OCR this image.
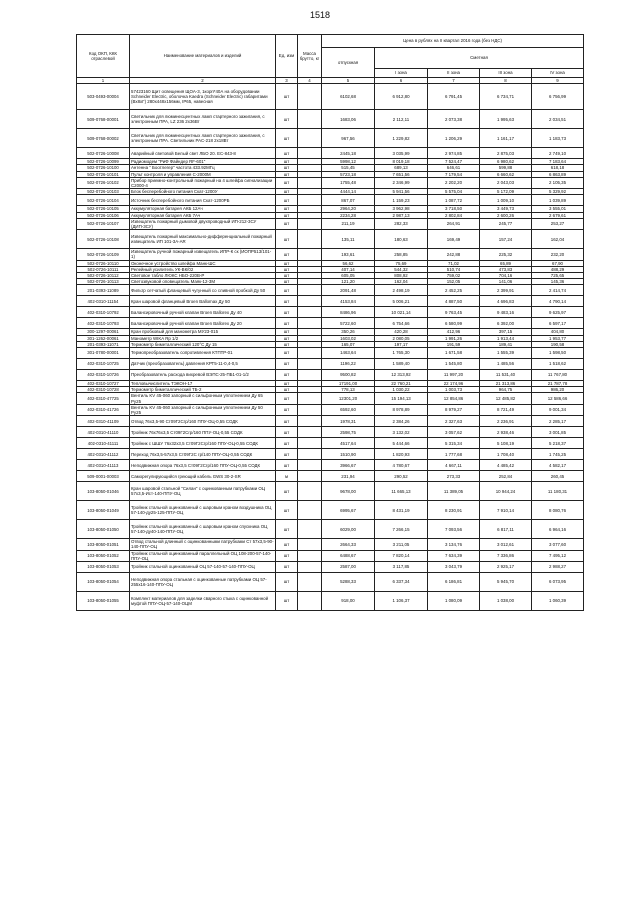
1518
Код ОКП, ККК отраслевой	Наименование материалов и изделий	Ед. изм	Масса брутто, кг	Цена в рублях на II квартал 2016 года (без НДС)				
				отпускная	Сметная			
					I зона	II зона	III зона	IV зона
1	2	3	4	5	6	7	8	9
503-0493-00004	57423160 Щит освещения ЩОА-3, 1корп*40А на оборудовании Schneider Electric, оболочка Kaedra (Schneider Electric) габаритами (Bx8xГ) 280x448x156мм, IP65, навесная	шт		6102,68	6 912,80	6 791,45	6 734,71	6 756,99
509-0768-00001	Светильник для люминесцентных ламп стартерного зажигания, с электронным ПРА, LZ 236 2x36Вт	шт		1683,06	2 112,11	2 073,38	1 995,63	2 034,51
509-0768-00002	Светильник для люминесцентных ламп стартерного зажигания, с электронным ПРА. Светильник РАС-218 2x18Вт	шт		967,56	1 229,82	1 206,29	1 161,17	1 183,73
502-0726-10008	Аварийный световой Белый свет ЛБО 20. ЕС-843-8	шт		2445,18	3 035,99	2 974,85	2 875,03	2 749,10
502-0726-10099	Радиомодем "РиФ Файндер RF-601"	шт		5998,12	8 019,18	7 524,47	6 980,62	7 183,64
502-0726-10100	Антенна " Боотлегер" частота 433.92МГц	шт		515,45	689,13	646,61	599,88	618,18
502-0726-10101	Пульт контроля и управления С-2000М	шт		5723,18	7 651,56	7 179,54	6 660,62	6 863,89
502-0726-10102	Прибор приемно-контрольный пожарный на 4 шлейфа сигнализации С2000-4	шт		1755,48	2 346,99	2 202,20	2 043,03	2 105,35
502-0726-10103	Блок бесперебойного питания Скат-1200У	шт		4444,14	5 941,56	5 575,04	5 172,09	5 329,92
502-0726-10104	Источник бесперебойного питания Скат-1200РБ	шт		867,07	1 159,23	1 087,72	1 009,10	1 039,89
502-0726-10105	Аккумуляторная батарея АКБ 12Ач	шт		2964,20	3 962,98	3 718,50	3 449,73	3 555,01
502-0726-10106	Аккумуляторная батарея АКБ 7Ач	шт		2234,28	2 987,13	2 802,84	2 600,26	2 679,61
502-0726-10107	Извещатель пожарный дымовой двухпроводный ИП-212-3СУ (ДИП-3СУ)	шт		211,19	282,33	264,91	245,77	253,27
502-0726-10108	Извещатель пожарный максимально-дифференциальный пожарный извещатель ИП 101-3А-АR	шт		135,11	180,63	169,49	157,24	162,04
502-0726-10109	Извещатель ручной пожарный извещатель ИПР-К ск (ИОПР513/101-1)	шт		193,61	258,85	242,88	225,32	232,20
502-0726-10110	Оконечное устройство шлейфа Манк-ШС	шт		56,62	75,69	71,02	65,89	67,90
502-0726-10111	Релейный усилитель УК-ВК/02	шт		407,14	544,32	510,74	473,83	488,29
502-0726-10112	Световое табло ЛЮКС НБО-220В-Р	шт		605,05	808,92	759,02	704,16	725,65
502-0726-10113	Светозвуковой оповещатель Маяк-12-3М	шт		121,20	162,04	152,05	141,06	145,36
201-0393-11089	Фильтр сетчатый фланцевый чугунный со сливной пробкой Ду 50	шт		2091,48	2 498,19	2 452,25	2 399,91	2 414,74
402-0310-11154	Кран шаровой фланцевый Broen Ballomax Ду 50	шт		4153,84	5 006,21	4 887,50	4 696,83	4 790,14
402-0310-10792	Балансировочный ручной клапан Broen Ballorex Ду 40	шт		8486,96	10 021,14	9 763,45	9 483,16	9 625,97
402-0310-10793	Балансировочный ручной клапан Broen Ballorex Ду 20	шт		5722,60	6 754,66	6 580,99	6 392,00	6 597,17
300-1297-00061	Кран пробковый для манометра МУ23-015	шт		350,26	420,28	412,96	397,15	404,80
301-1262-00061	Манометр WIKA Rp 1/2	шт		1603,02	2 080,05	1 991,26	1 913,44	1 953,77
201-0393-11071	Термометр биметаллический 120°С Ду 15	шт		165,07	197,17	191,59	189,41	190,58
301-0780-00001	Термопреобразователь сопротивления КТПТР-01	шт		1463,64	1 765,30	1 671,58	1 555,39	1 598,50
402-0310-10725	Датчик (преобразователь) давления КРТ5-11-0,4-0,5	шт		1196,22	1 589,40	1 545,80	1 485,56	1 518,62
402-0310-10726	Преобразователь расхода вихревой ВЭПС-25-ПБ1-01-1/2	шт		9500,82	12 313,92	11 997,20	11 531,40	11 767,80
402-0310-10727	Тепловычислитель ТЭКОН-17	шт		17191,00	22 760,21	22 174,96	21 313,86	21 787,78
402-0310-10728	Термометр биметаллический ТБ-2	шт		778,13	1 030,22	1 003,73	964,75	986,20
402-0310-47725	Вентиль KV 45-060 запорный с сильфонным уплотнением Ду 65 Ру25	шт		12301,20	15 194,13	12 854,86	12 485,82	12 586,66
402-0310-41726	Вентиль KV 45-060 запорный с сильфонным уплотнением Ду 50 Ру25	шт		6592,60	8 978,89	8 979,27	8 721,49	9 001,34
402-0310-41109	Отвод 76х3,5-90 Ст09Г2Сгр/160 ППУ-ОЦ-0,55 СОДК	шт		1978,31	2 384,26	2 327,63	2 236,91	2 285,17
402-0310-41110	Тройник 76х76х3,5 Ст09Г2Сгр/160 ППУ-ОЦ-0,55 СОДК	шт		2598,75	3 132,02	3 057,62	2 938,46	3 001,85
402-0310-41111	Тройник с ШШУ 76х32х3,5 Ст09Г2Сгр/160 ППУ-ОЦ-0,55 СОДК	шт		4517,64	5 444,66	5 315,34	5 108,19	5 218,37
402-0310-41112	Переход 76х3,5-57х3,5 Ст09Г2С гр/140 ППУ-ОЦ-0,55 СОДК	шт		1510,90	1 820,93	1 777,68	1 708,40	1 745,25
402-0310-41113	Неподвижная опора 76х3,5 Ст09Г2Сгр/160 ППУ-ОЦ-0,55 СОДК	шт		3966,67	4 780,67	4 667,11	4 485,42	4 582,17
509-0001-00003	Саморегулирующийся греющий кабель GWS 30-2-SR	м		231,94	290,52	273,33	252,84	260,45
103-8050-01046	Кран шаровой стальной "Силан" с оцинкованным патрубками ОЦ 57х3,5-Ист-140-ППУ-ОЦ	шт		9678,00	11 665,13	11 389,05	10 944,24	11 180,31
103-8050-01049	Тройник стальной оцинкованный с шаровым краном воздушника ОЦ 57-140-ду25-125-ППУ-ОЦ	шт		6995,67	8 431,19	8 230,91	7 910,14	8 080,76
103-8050-01050	Тройник стальной оцинкованный с шаровым краном спускника ОЦ 57-140-ду40-140-ППУ-ОЦ	шт		6029,00	7 266,15	7 093,56	6 817,11	6 964,16
103-8050-01051	Отвод стальной длинный с оцинкованными патрубками Ст 57х3,5-90-140-ППУ-ОЦ	шт		2664,33	3 211,05	3 134,76	3 012,61	3 077,60
103-8050-01052	Тройник стальной оцинкованный параллельный ОЦ 108-200-57-140-ППУ-ОЦ	шт		6488,67	7 820,14	7 634,39	7 336,86	7 495,12
103-8050-01053	Тройник стальной оцинкованный ОЦ 57-140-57-140-ППУ-ОЦ	шт		2587,00	3 117,85	3 043,79	2 925,17	2 988,27
103-8050-01054	Неподвижная опора стальная с оцинкованные патрубками ОЦ 57-255х16-140-ППУ-ОЦ	шт		5288,33	6 337,34	6 186,81	5 945,70	6 073,95
103-8050-01055	Комплект материалов для заделки сварного стыка с оцинкованной муфтой ППУ-ОЦ-57-140-ОЦМ	шт		918,00	1 106,37	1 080,09	1 038,00	1 060,39
